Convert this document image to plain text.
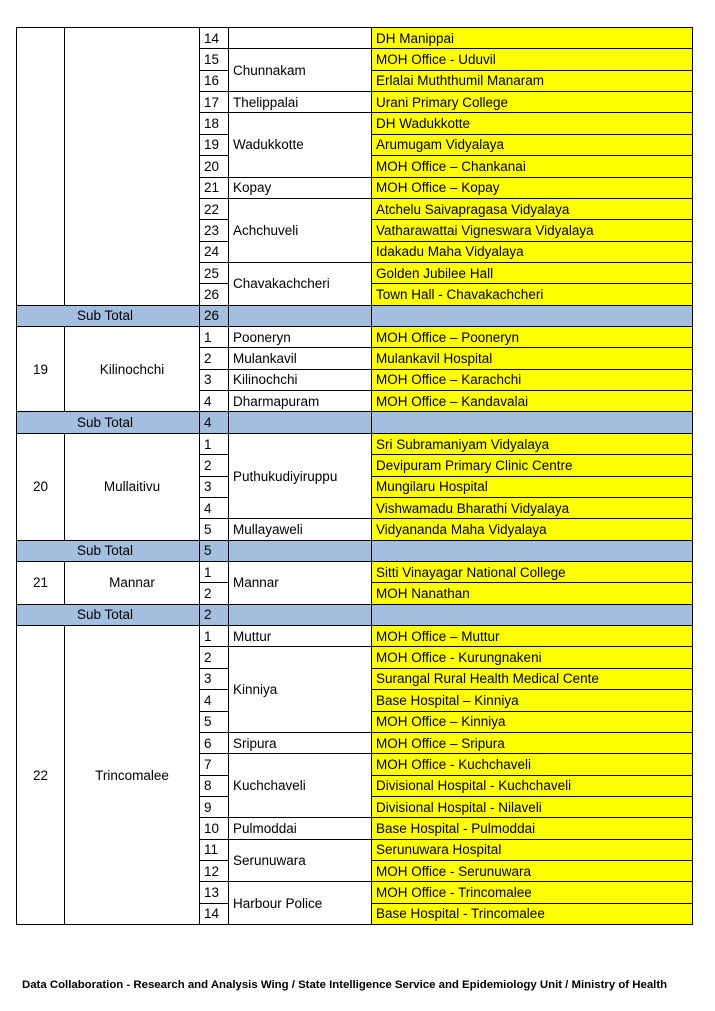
		14		DH Manippai
		15	Chunnakam	MOH Office - Uduvil
		16		Erlalai Muththumil Manaram
		17	Thelippalai	Urani Primary College
		18	Wadukkotte	DH Wadukkotte
		19		Arumugam Vidyalaya
		20		MOH Office – Chankanai
		21	Kopay	MOH Office – Kopay
		22	Achchuveli	Atchelu Saivapragasa Vidyalaya
		23		Vatharawattai Vigneswara Vidyalaya
		24		Idakadu Maha Vidyalaya
		25	Chavakachcheri	Golden Jubilee Hall
		26		Town Hall - Chavakachcheri
Sub Total		26		
19	Kilinochchi	1	Pooneryn	MOH Office – Pooneryn
		2	Mulankavil	Mulankavil Hospital
		3	Kilinochchi	MOH Office – Karachchi
		4	Dharmapuram	MOH Office – Kandavalai
Sub Total		4		
20	Mullaitivu	1	Puthukudiyiruppu	Sri Subramaniyam Vidyalaya
		2		Devipuram Primary Clinic Centre
		3		Mungilaru Hospital
		4		Vishwamadu Bharathi Vidyalaya
		5	Mullayaweli	Vidyananda Maha Vidyalaya
Sub Total		5		
21	Mannar	1	Mannar	Sitti Vinayagar National College
		2		MOH Nanathan
Sub Total		2		
22	Trincomalee	1	Muttur	MOH Office – Muttur
		2	Kinniya	MOH Office - Kurungnakeni
		3		Surangal Rural Health Medical Cente
		4		Base Hospital – Kinniya
		5		MOH Office – Kinniya
		6	Sripura	MOH Office – Sripura
		7	Kuchchaveli	MOH Office - Kuchchaveli
		8		Divisional Hospital - Kuchchaveli
		9		Divisional Hospital - Nilaveli
		10	Pulmoddai	Base Hospital - Pulmoddai
		11	Serunuwara	Serunuwara Hospital
		12		MOH Office - Serunuwara
		13	Harbour Police	MOH Office - Trincomalee
		14		Base Hospital - Trincomalee
Data Collaboration - Research and Analysis Wing / State Intelligence Service and Epidemiology Unit / Ministry of Health
